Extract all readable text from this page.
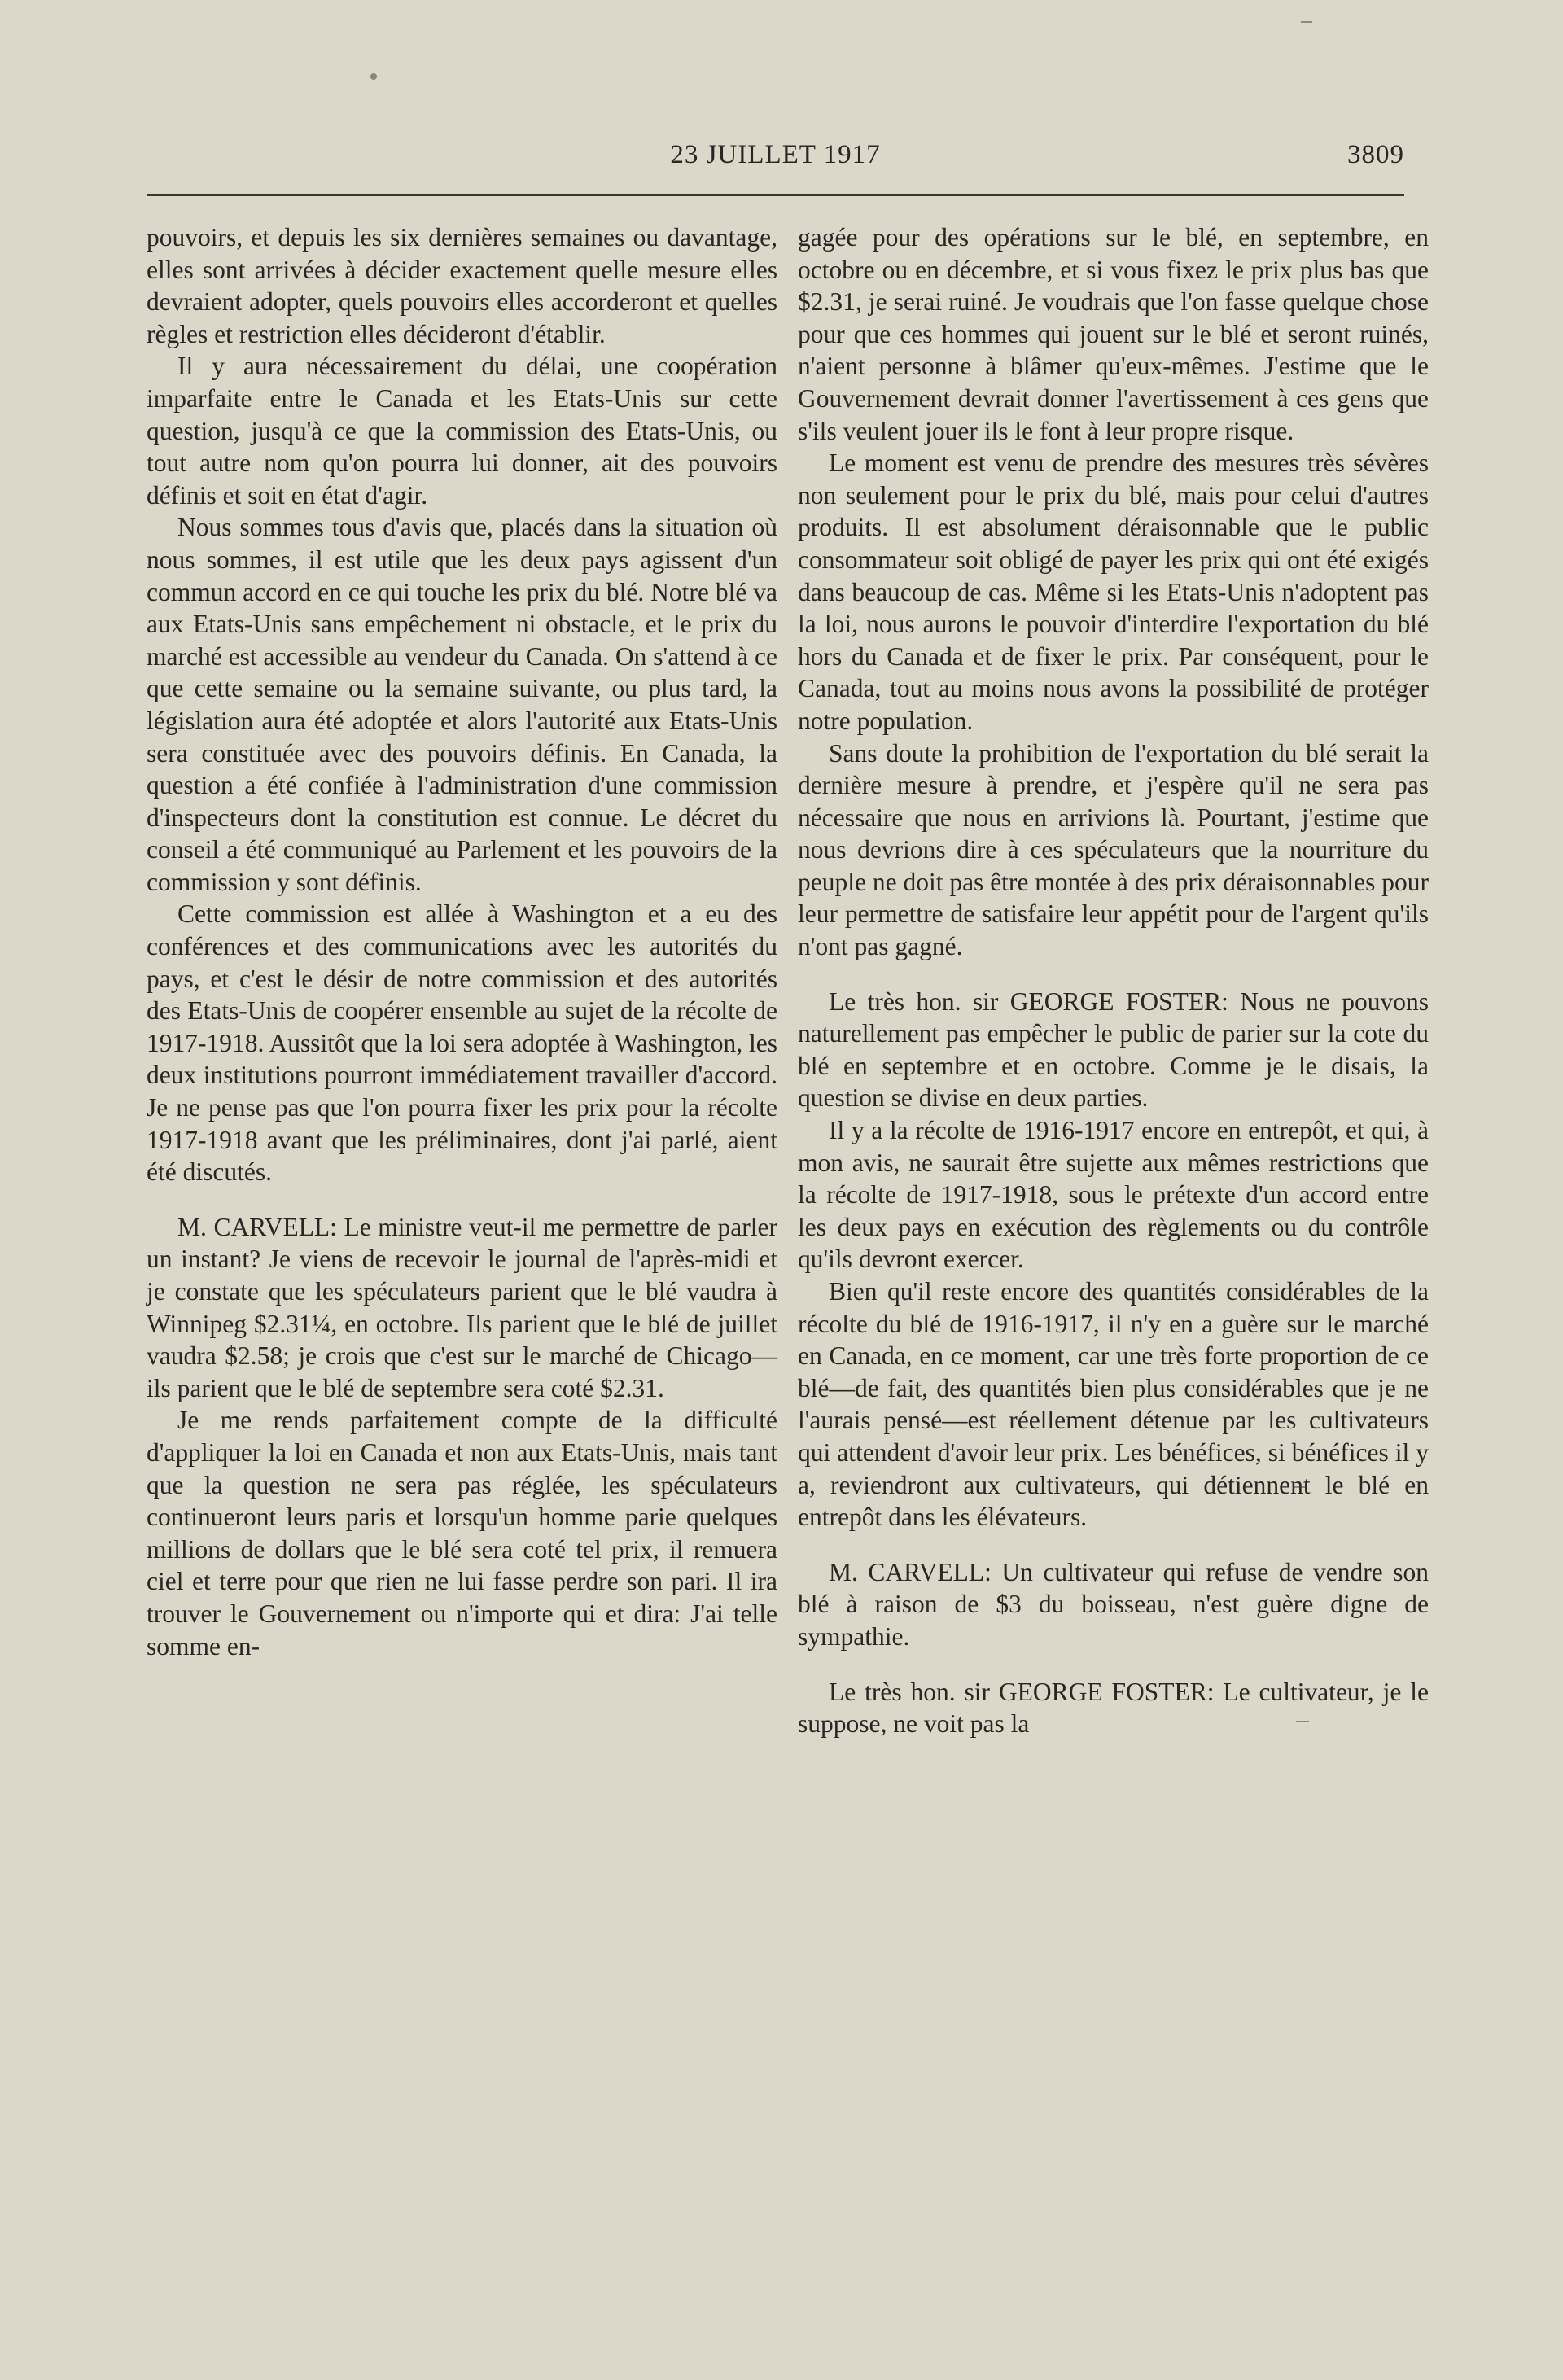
23 JUILLET 1917	3809

pouvoirs, et depuis les six dernières semaines ou davantage, elles sont arrivées à décider exactement quelle mesure elles devraient adopter, quels pouvoirs elles accorderont et quelles règles et restriction elles décideront d'établir.

Il y aura nécessairement du délai, une coopération imparfaite entre le Canada et les Etats-Unis sur cette question, jusqu'à ce que la commission des Etats-Unis, ou tout autre nom qu'on pourra lui donner, ait des pouvoirs définis et soit en état d'agir.

Nous sommes tous d'avis que, placés dans la situation où nous sommes, il est utile que les deux pays agissent d'un commun accord en ce qui touche les prix du blé. Notre blé va aux Etats-Unis sans empêchement ni obstacle, et le prix du marché est accessible au vendeur du Canada. On s'attend à ce que cette semaine ou la semaine suivante, ou plus tard, la législation aura été adoptée et alors l'autorité aux Etats-Unis sera constituée avec des pouvoirs définis. En Canada, la question a été confiée à l'administration d'une commission d'inspecteurs dont la constitution est connue. Le décret du conseil a été communiqué au Parlement et les pouvoirs de la commission y sont définis.

Cette commission est allée à Washington et a eu des conférences et des communications avec les autorités du pays, et c'est le désir de notre commission et des autorités des Etats-Unis de coopérer ensemble au sujet de la récolte de 1917-1918. Aussitôt que la loi sera adoptée à Washington, les deux institutions pourront immédiatement travailler d'accord. Je ne pense pas que l'on pourra fixer les prix pour la récolte 1917-1918 avant que les préliminaires, dont j'ai parlé, aient été discutés.

M. CARVELL: Le ministre veut-il me permettre de parler un instant? Je viens de recevoir le journal de l'après-midi et je constate que les spéculateurs parient que le blé vaudra à Winnipeg $2.31¼, en octobre. Ils parient que le blé de juillet vaudra $2.58; je crois que c'est sur le marché de Chicago—ils parient que le blé de septembre sera coté $2.31.

Je me rends parfaitement compte de la difficulté d'appliquer la loi en Canada et non aux Etats-Unis, mais tant que la question ne sera pas réglée, les spéculateurs continueront leurs paris et lorsqu'un homme parie quelques millions de dollars que le blé sera coté tel prix, il remuera ciel et terre pour que rien ne lui fasse perdre son pari. Il ira trouver le Gouvernement ou n'importe qui et dira: J'ai telle somme en-

gagée pour des opérations sur le blé, en septembre, en octobre ou en décembre, et si vous fixez le prix plus bas que $2.31, je serai ruiné. Je voudrais que l'on fasse quelque chose pour que ces hommes qui jouent sur le blé et seront ruinés, n'aient personne à blâmer qu'eux-mêmes. J'estime que le Gouvernement devrait donner l'avertissement à ces gens que s'ils veulent jouer ils le font à leur propre risque.

Le moment est venu de prendre des mesures très sévères non seulement pour le prix du blé, mais pour celui d'autres produits. Il est absolument déraisonnable que le public consommateur soit obligé de payer les prix qui ont été exigés dans beaucoup de cas. Même si les Etats-Unis n'adoptent pas la loi, nous aurons le pouvoir d'interdire l'exportation du blé hors du Canada et de fixer le prix. Par conséquent, pour le Canada, tout au moins nous avons la possibilité de protéger notre population.

Sans doute la prohibition de l'exportation du blé serait la dernière mesure à prendre, et j'espère qu'il ne sera pas nécessaire que nous en arrivions là. Pourtant, j'estime que nous devrions dire à ces spéculateurs que la nourriture du peuple ne doit pas être montée à des prix déraisonnables pour leur permettre de satisfaire leur appétit pour de l'argent qu'ils n'ont pas gagné.

Le très hon. sir GEORGE FOSTER: Nous ne pouvons naturellement pas empêcher le public de parier sur la cote du blé en septembre et en octobre. Comme je le disais, la question se divise en deux parties.

Il y a la récolte de 1916-1917 encore en entrepôt, et qui, à mon avis, ne saurait être sujette aux mêmes restrictions que la récolte de 1917-1918, sous le prétexte d'un accord entre les deux pays en exécution des règlements ou du contrôle qu'ils devront exercer.

Bien qu'il reste encore des quantités considérables de la récolte du blé de 1916-1917, il n'y en a guère sur le marché en Canada, en ce moment, car une très forte proportion de ce blé—de fait, des quantités bien plus considérables que je ne l'aurais pensé—est réellement détenue par les cultivateurs qui attendent d'avoir leur prix. Les bénéfices, si bénéfices il y a, reviendront aux cultivateurs, qui détiennent le blé en entrepôt dans les élévateurs.

M. CARVELL: Un cultivateur qui refuse de vendre son blé à raison de $3 du boisseau, n'est guère digne de sympathie.

Le très hon. sir GEORGE FOSTER: Le cultivateur, je le suppose, ne voit pas la
